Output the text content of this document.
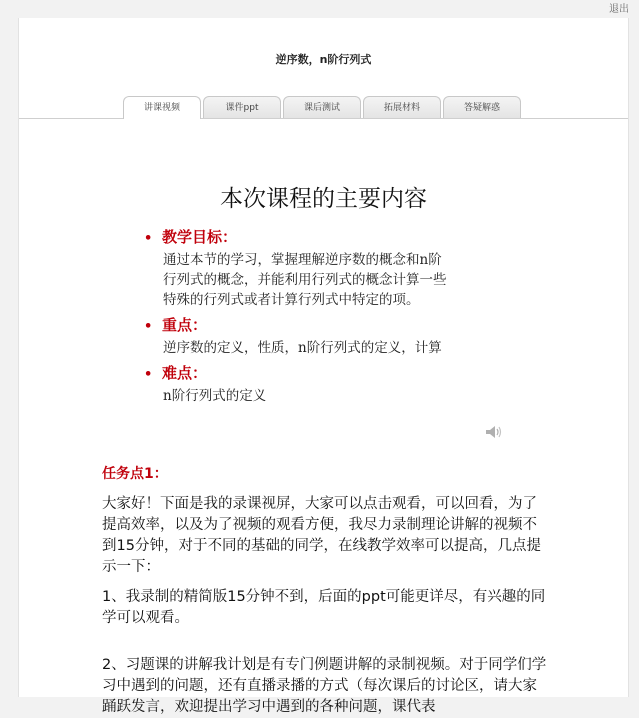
退出
逆序数，n阶行列式
讲课视频	课件ppt	课后测试	拓展材料	答疑解惑
本次课程的主要内容
• 教学目标：
通过本节的学习，掌握理解逆序数的概念和n阶
行列式的概念，并能利用行列式的概念计算一些
特殊的行列式或者计算行列式中特定的项。
• 重点：
逆序数的定义，性质，n阶行列式的定义，计算
• 难点：
n阶行列式的定义
任务点1：
大家好！下面是我的录课视屏，大家可以点击观看，可以回看，为了提高效率，以及为了视频的观看方便，我尽力录制理论讲解的视频不到15分钟，对于不同的基础的同学，在线教学效率可以提高，几点提示一下：
1、我录制的精简版15分钟不到，后面的ppt可能更详尽，有兴趣的同学可以观看。
2、习题课的讲解我计划是有专门例题讲解的录制视频。对于同学们学习中遇到的问题，还有直播录播的方式（每次课后的讨论区，请大家踊跃发言，欢迎提出学习中遇到的各种问题，课代表
